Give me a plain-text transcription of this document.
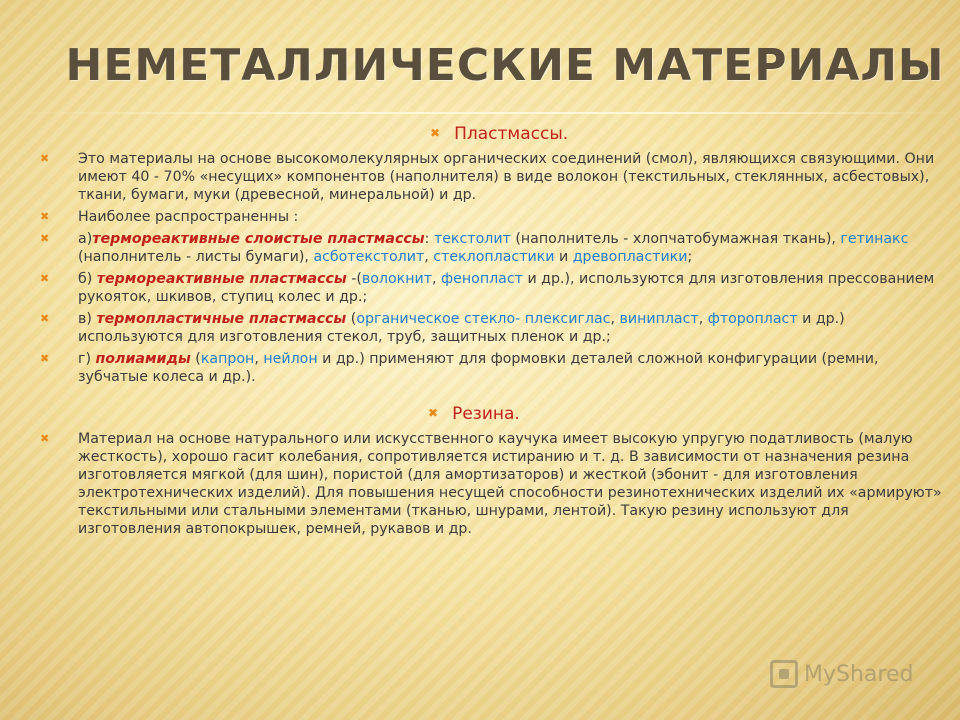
НЕМЕТАЛЛИЧЕСКИЕ МАТЕРИАЛЫ
✖ Пластмассы.
✖ Это материалы на основе высокомолекулярных органических соединений (смол), являющихся связующими. Они имеют 40 - 70% «несущих» компонентов (наполнителя) в виде волокон (текстильных, стеклянных, асбестовых), ткани, бумаги, муки (древесной, минеральной) и др.
✖ Наиболее распространенны :
✖ а)термореактивные слоистые пластмассы: текстолит (наполнитель - хлопчатобумажная ткань), гетинакс (наполнитель - листы бумаги), асботекстолит, стеклопластики и древопластики;
✖ б) термореактивные пластмассы -(волокнит, фенопласт и др.), используются для изготовления прессованием рукояток, шкивов, ступиц колес и др.;
✖ в) термопластичные пластмассы (органическое стекло- плексиглас, винипласт, фторопласт и др.) используются для изготовления стекол, труб, защитных пленок и др.;
✖ г) полиамиды (капрон, нейлон и др.) применяют для формовки деталей сложной конфигурации (ремни, зубчатые колеса и др.).
✖ Резина.
✖ Материал на основе натурального или искусственного каучука имеет высокую упругую податливость (малую жесткость), хорошо гасит колебания, сопротивляется истиранию и т. д. В зависимости от назначения резина изготовляется мягкой (для шин), пористой (для амортизаторов) и жесткой (эбонит - для изготовления электротехнических изделий). Для повышения несущей способности резинотехнических изделий их «армируют» текстильными или стальными элементами (тканью, шнурами, лентой). Такую резину используют для изготовления автопокрышек, ремней, рукавов и др.
MyShared
